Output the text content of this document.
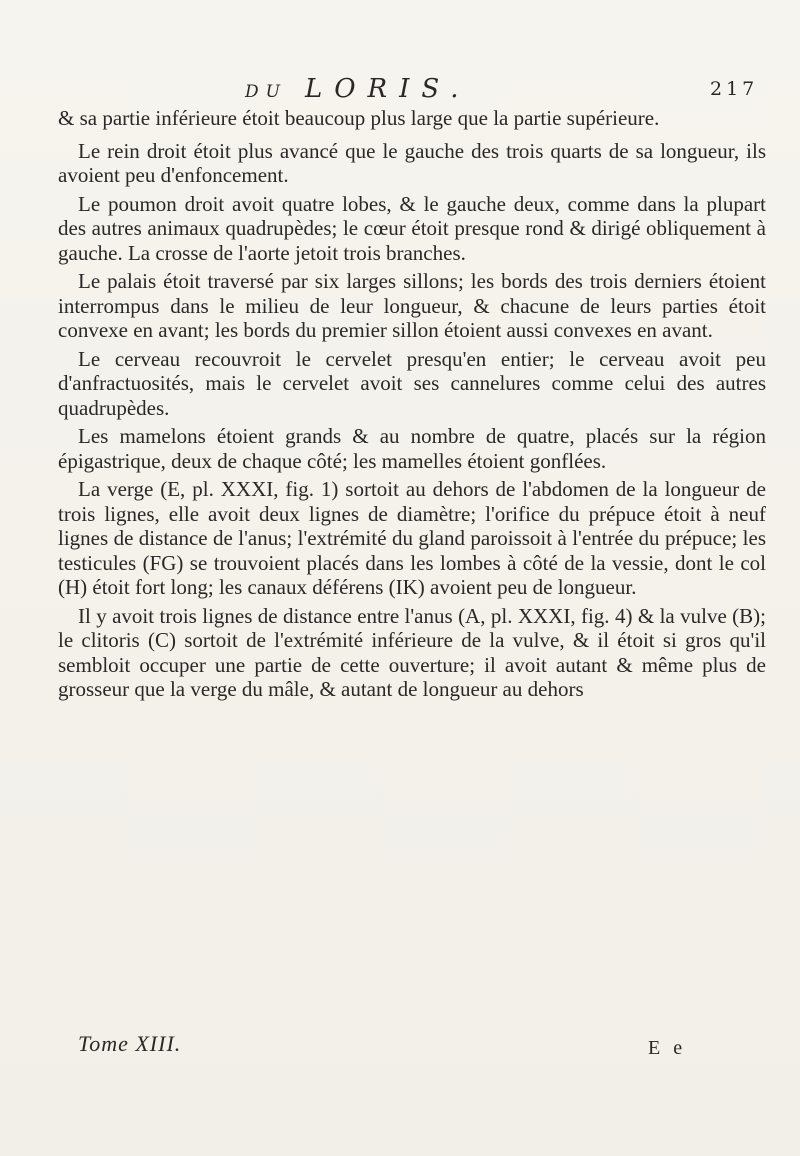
DU LORIS.	217

& sa partie inférieure étoit beaucoup plus large que la partie supérieure.

Le rein droit étoit plus avancé que le gauche des trois quarts de sa longueur, ils avoient peu d'enfoncement.

Le poumon droit avoit quatre lobes, & le gauche deux, comme dans la plupart des autres animaux quadrupèdes; le cœur étoit presque rond & dirigé obliquement à gauche. La crosse de l'aorte jetoit trois branches.

Le palais étoit traversé par six larges sillons; les bords des trois derniers étoient interrompus dans le milieu de leur longueur, & chacune de leurs parties étoit convexe en avant; les bords du premier sillon étoient aussi convexes en avant.

Le cerveau recouvroit le cervelet presqu'en entier; le cerveau avoit peu d'anfractuosités, mais le cervelet avoit ses cannelures comme celui des autres quadrupèdes.

Les mamelons étoient grands & au nombre de quatre, placés sur la région épigastrique, deux de chaque côté; les mamelles étoient gonflées.

La verge (E, pl. XXXI, fig. 1) sortoit au dehors de l'abdomen de la longueur de trois lignes, elle avoit deux lignes de diamètre; l'orifice du prépuce étoit à neuf lignes de distance de l'anus; l'extrémité du gland paroissoit à l'entrée du prépuce; les testicules (FG) se trouvoient placés dans les lombes à côté de la vessie, dont le col (H) étoit fort long; les canaux déférens (IK) avoient peu de longueur.

Il y avoit trois lignes de distance entre l'anus (A, pl. XXXI, fig. 4) & la vulve (B); le clitoris (C) sortoit de l'extrémité inférieure de la vulve, & il étoit si gros qu'il sembloit occuper une partie de cette ouverture; il avoit autant & même plus de grosseur que la verge du mâle, & autant de longueur au dehors

Tome XIII.	E e
